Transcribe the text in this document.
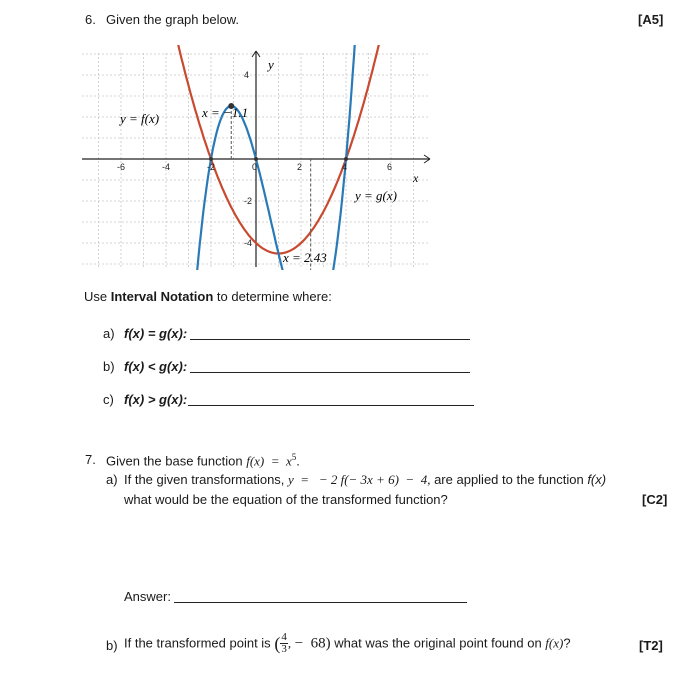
6. Given the graph below.	[A5]
-6	-4	-2	0	2	4	6
4
-2
-4
y
x
y = f(x)	x = −1.1
y = g(x)
x = 2.43
Use Interval Notation to determine where:
a) f(x) = g(x):
b) f(x) < g(x):
c) f(x) > g(x):
7. Given the base function $f(x) = x^5$.
a) If the given transformations, y  =   − 2 f(− 3x + 6)  −  4, are applied to the function f(x)
what would be the equation of the transformed function?	[C2]
Answer:
b) If the transformed point is ( $\frac{4}{3}$ , −  68) what was the original point found on f(x)?	[T2]
